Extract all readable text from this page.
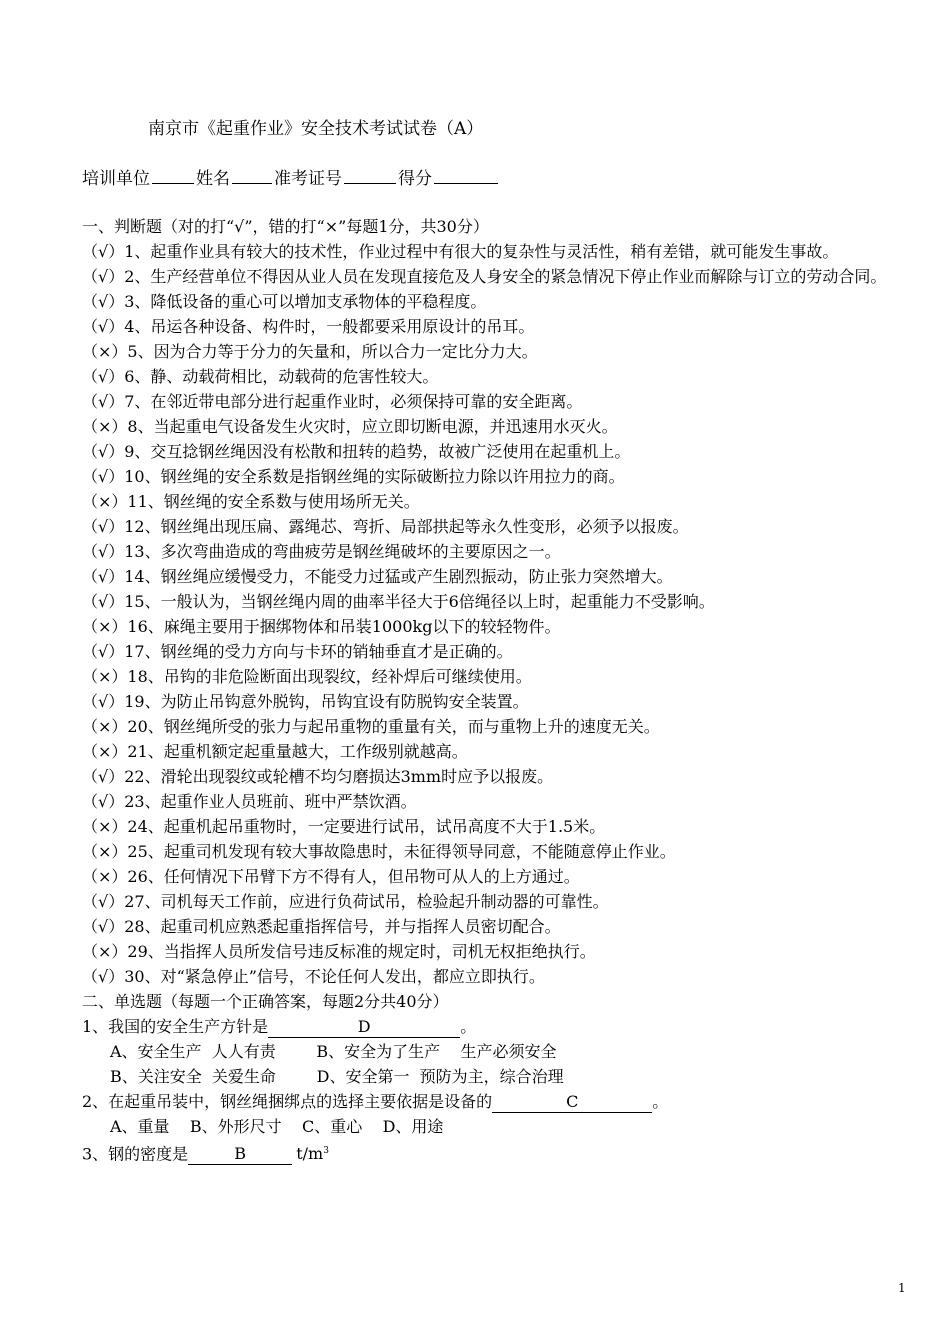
南京市《起重作业》安全技术考试试卷（A）
培训单位	姓名	准考证号	得分
一、判断题（对的打“√”，错的打“×”每题1分，共30分）
（√）1、起重作业具有较大的技术性，作业过程中有很大的复杂性与灵活性，稍有差错，就可能发生事故。
（√）2、生产经营单位不得因从业人员在发现直接危及人身安全的紧急情况下停止作业而解除与订立的劳动合同。
（√）3、降低设备的重心可以增加支承物体的平稳程度。
（√）4、吊运各种设备、构件时，一般都要采用原设计的吊耳。
（×）5、因为合力等于分力的矢量和，所以合力一定比分力大。
（√）6、静、动载荷相比，动载荷的危害性较大。
（√）7、在邻近带电部分进行起重作业时，必须保持可靠的安全距离。
（×）8、当起重电气设备发生火灾时，应立即切断电源，并迅速用水灭火。
（√）9、交互捻钢丝绳因没有松散和扭转的趋势，故被广泛使用在起重机上。
（√）10、钢丝绳的安全系数是指钢丝绳的实际破断拉力除以许用拉力的商。
（×）11、钢丝绳的安全系数与使用场所无关。
（√）12、钢丝绳出现压扁、露绳芯、弯折、局部拱起等永久性变形，必须予以报废。
（√）13、多次弯曲造成的弯曲疲劳是钢丝绳破坏的主要原因之一。
（√）14、钢丝绳应缓慢受力，不能受力过猛或产生剧烈振动，防止张力突然增大。
（√）15、一般认为，当钢丝绳内周的曲率半径大于6倍绳径以上时，起重能力不受影响。
（×）16、麻绳主要用于捆绑物体和吊装1000kg以下的较轻物件。
（√）17、钢丝绳的受力方向与卡环的销轴垂直才是正确的。
（×）18、吊钩的非危险断面出现裂纹，经补焊后可继续使用。
（√）19、为防止吊钩意外脱钩，吊钩宜设有防脱钩安全装置。
（×）20、钢丝绳所受的张力与起吊重物的重量有关，而与重物上升的速度无关。
（×）21、起重机额定起重量越大，工作级别就越高。
（√）22、滑轮出现裂纹或轮槽不均匀磨损达3mm时应予以报废。
（√）23、起重作业人员班前、班中严禁饮酒。
（×）24、起重机起吊重物时，一定要进行试吊，试吊高度不大于1.5米。
（×）25、起重司机发现有较大事故隐患时，未征得领导同意，不能随意停止作业。
（×）26、任何情况下吊臂下方不得有人，但吊物可从人的上方通过。
（√）27、司机每天工作前，应进行负荷试吊，检验起升制动器的可靠性。
（√）28、起重司机应熟悉起重指挥信号，并与指挥人员密切配合。
（×）29、当指挥人员所发信号违反标准的规定时，司机无权拒绝执行。
（√）30、对“紧急停止”信号，不论任何人发出，都应立即执行。
二、单选题（每题一个正确答案，每题2分共40分）
1、我国的安全生产方针是	D	。
A、安全生产  人人有责        B、安全为了生产    生产必须安全
B、关注安全  关爱生命        D、安全第一  预防为主，综合治理
2、在起重吊装中，钢丝绳捆绑点的选择主要依据是设备的	C	。
A、重量    B、外形尺寸    C、重心    D、用途
3、钢的密度是	B	$t/m^3$
1
